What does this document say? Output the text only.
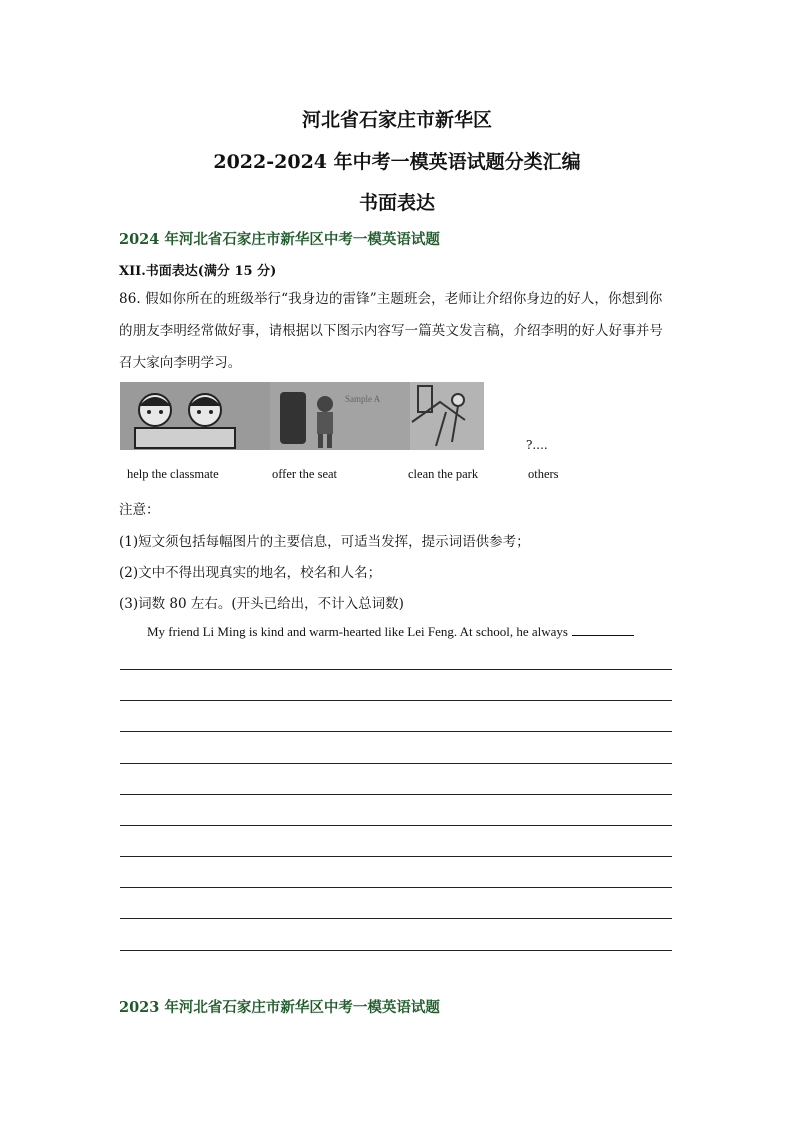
河北省石家庄市新华区
2022-2024 年中考一模英语试题分类汇编
书面表达
2024 年河北省石家庄市新华区中考一模英语试题
XII.书面表达(满分 15 分)
86. 假如你所在的班级举行“我身边的雷锋”主题班会，老师让介绍你身边的好人，你想到你的朋友李明经常做好事，请根据以下图示内容写一篇英文发言稿，介绍李明的好人好事并号召大家向李明学习。
Sample A
?....
help the classmate	offer the seat	clean the park	others
注意：
(1)短文须包括每幅图片的主要信息，可适当发挥，提示词语供参考；
(2)文中不得出现真实的地名，校名和人名；
(3)词数 80 左右。(开头已给出，不计入总词数)
My friend Li Ming is kind and warm-hearted like Lei Feng. At school, he always
2023 年河北省石家庄市新华区中考一模英语试题
